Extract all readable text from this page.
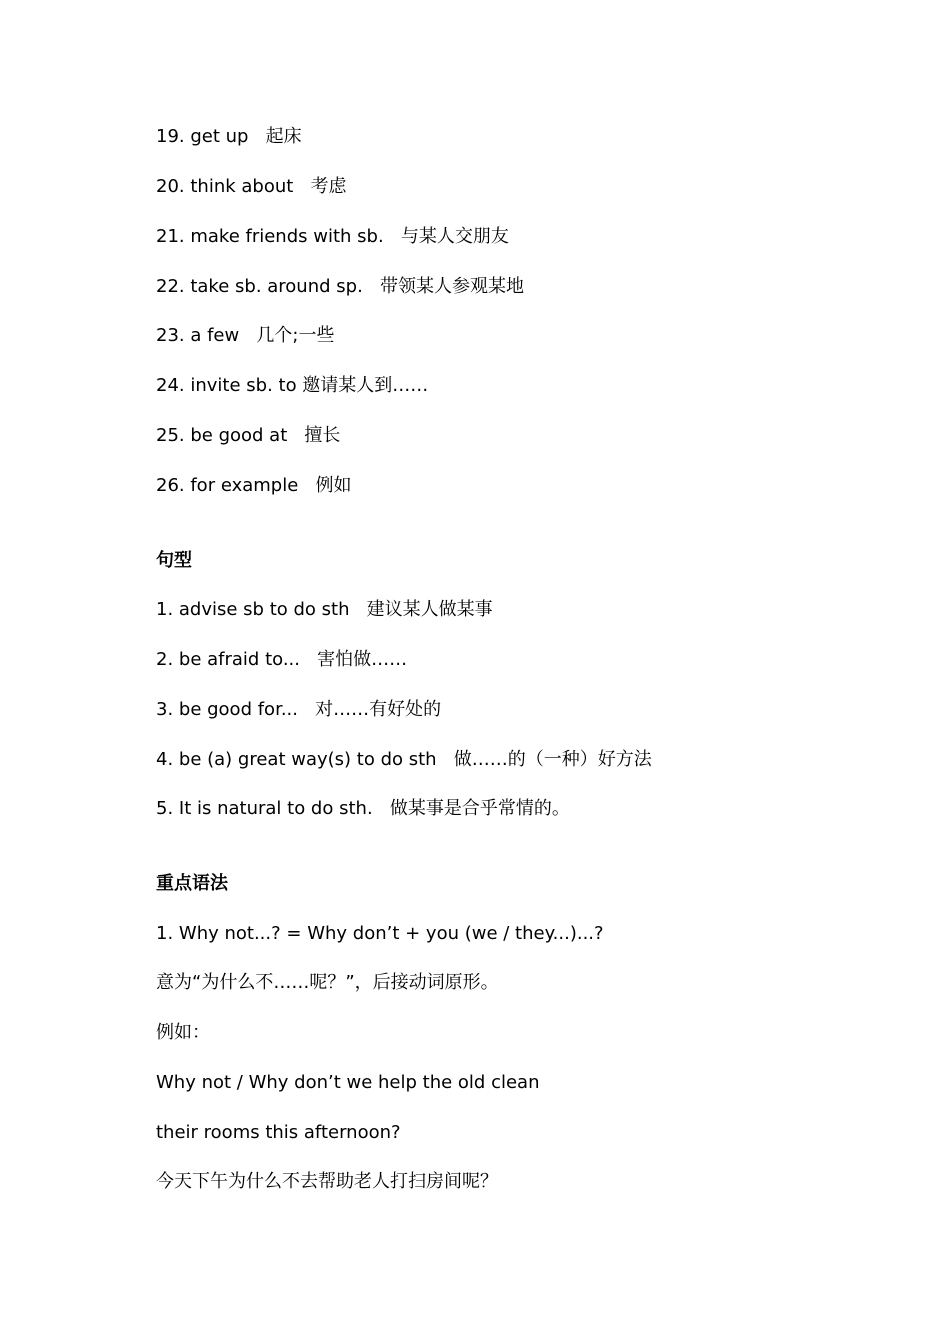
19. get up   起床
20. think about   考虑
21. make friends with sb.   与某人交朋友
22. take sb. around sp.   带领某人参观某地
23. a few   几个;一些
24. invite sb. to 邀请某人到……
25. be good at   擅长
26. for example   例如
句型
1. advise sb to do sth   建议某人做某事
2. be afraid to...   害怕做……
3. be good for...   对……有好处的
4. be (a) great way(s) to do sth   做……的（一种）好方法
5. It is natural to do sth.   做某事是合乎常情的。
重点语法
1. Why not...? = Why don’t + you (we / they...)...?
意为“为什么不……呢？”，后接动词原形。
例如：
Why not / Why don’t we help the old clean
their rooms this afternoon?
今天下午为什么不去帮助老人打扫房间呢？
